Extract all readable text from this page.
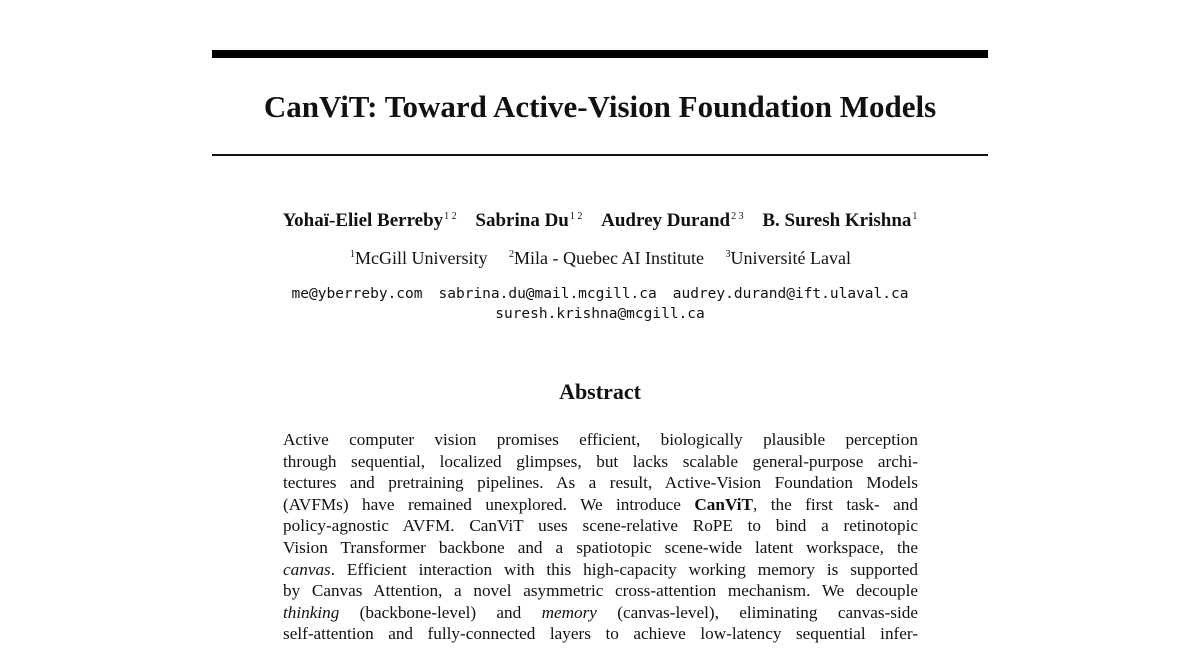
CanViT: Toward Active-Vision Foundation Models
Yohaï-Eliel Berreby$^{1 2}$ Sabrina $Du^{1 2}$ Audrey Durand$^{2 3}$ B. Suresh Krishna$^1$
$^1$McGill University $^2$Mila - Quebec AI Institute $^3$Université Laval
me@yberreby.com sabrina.du@mail.mcgill.ca audrey.durand@ift.ulaval.ca
suresh.krishna@mcgill.ca
Abstract
Active computer vision promises efficient, biologically plausible perception
through sequential, localized glimpses, but lacks scalable general-purpose archi-
tectures and pretraining pipelines. As a result, Active-Vision Foundation Models
(AVFMs) have remained unexplored. We introduce CanViT, the first task- and
policy-agnostic AVFM. CanViT uses scene-relative RoPE to bind a retinotopic
Vision Transformer backbone and a spatiotopic scene-wide latent workspace, the
canvas. Efficient interaction with this high-capacity working memory is supported
by Canvas Attention, a novel asymmetric cross-attention mechanism. We decouple
thinking (backbone-level) and memory (canvas-level), eliminating canvas-side
self-attention and fully-connected layers to achieve low-latency sequential infer-
